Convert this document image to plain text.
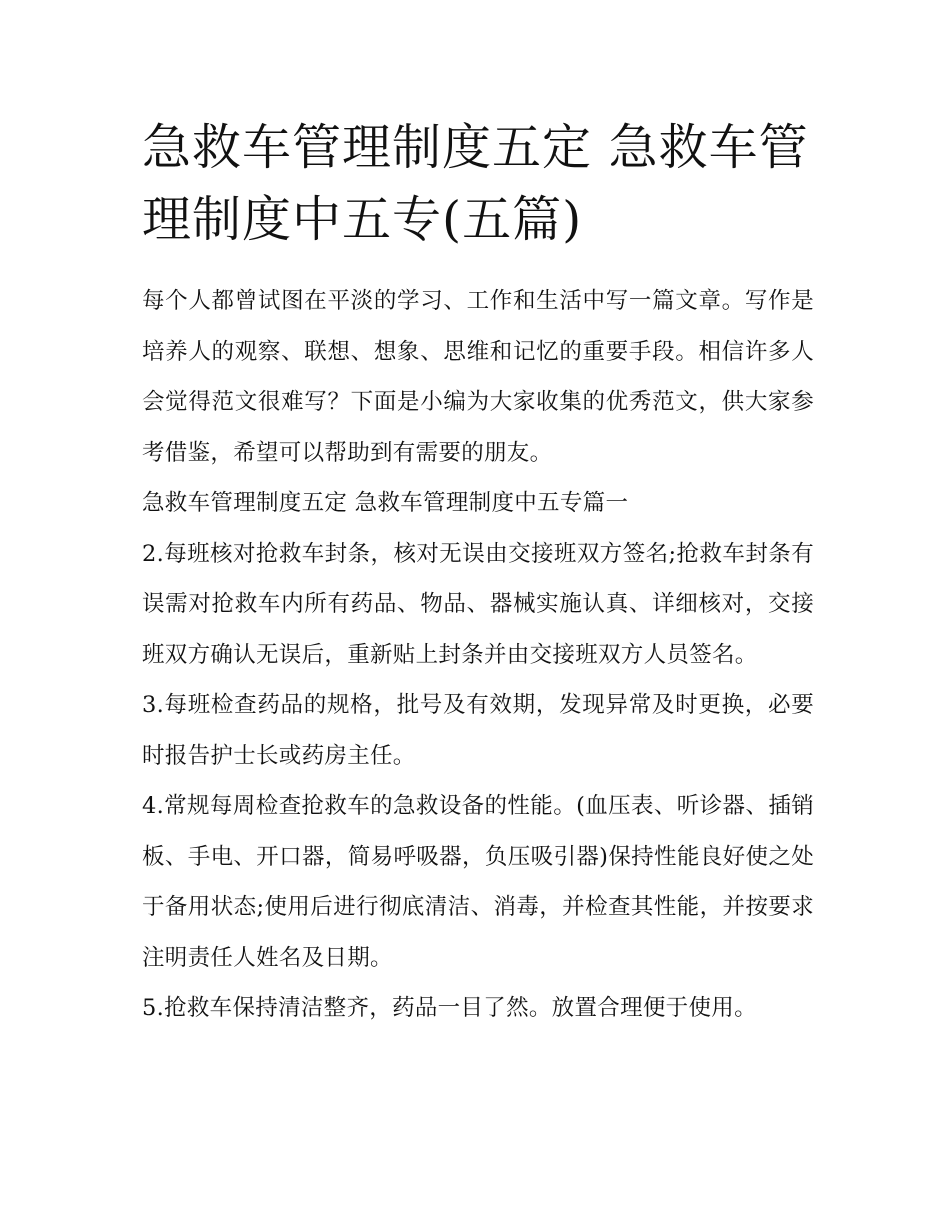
急救车管理制度五定 急救车管理制度中五专(五篇)

每个人都曾试图在平淡的学习、工作和生活中写一篇文章。写作是培养人的观察、联想、想象、思维和记忆的重要手段。相信许多人会觉得范文很难写？下面是小编为大家收集的优秀范文，供大家参考借鉴，希望可以帮助到有需要的朋友。

急救车管理制度五定 急救车管理制度中五专篇一

2.每班核对抢救车封条，核对无误由交接班双方签名;抢救车封条有误需对抢救车内所有药品、物品、器械实施认真、详细核对，交接班双方确认无误后，重新贴上封条并由交接班双方人员签名。

3.每班检查药品的规格，批号及有效期，发现异常及时更换，必要时报告护士长或药房主任。

4.常规每周检查抢救车的急救设备的性能。(血压表、听诊器、插销板、手电、开口器，简易呼吸器，负压吸引器)保持性能良好使之处于备用状态;使用后进行彻底清洁、消毒，并检查其性能，并按要求注明责任人姓名及日期。

5.抢救车保持清洁整齐，药品一目了然。放置合理便于使用。
